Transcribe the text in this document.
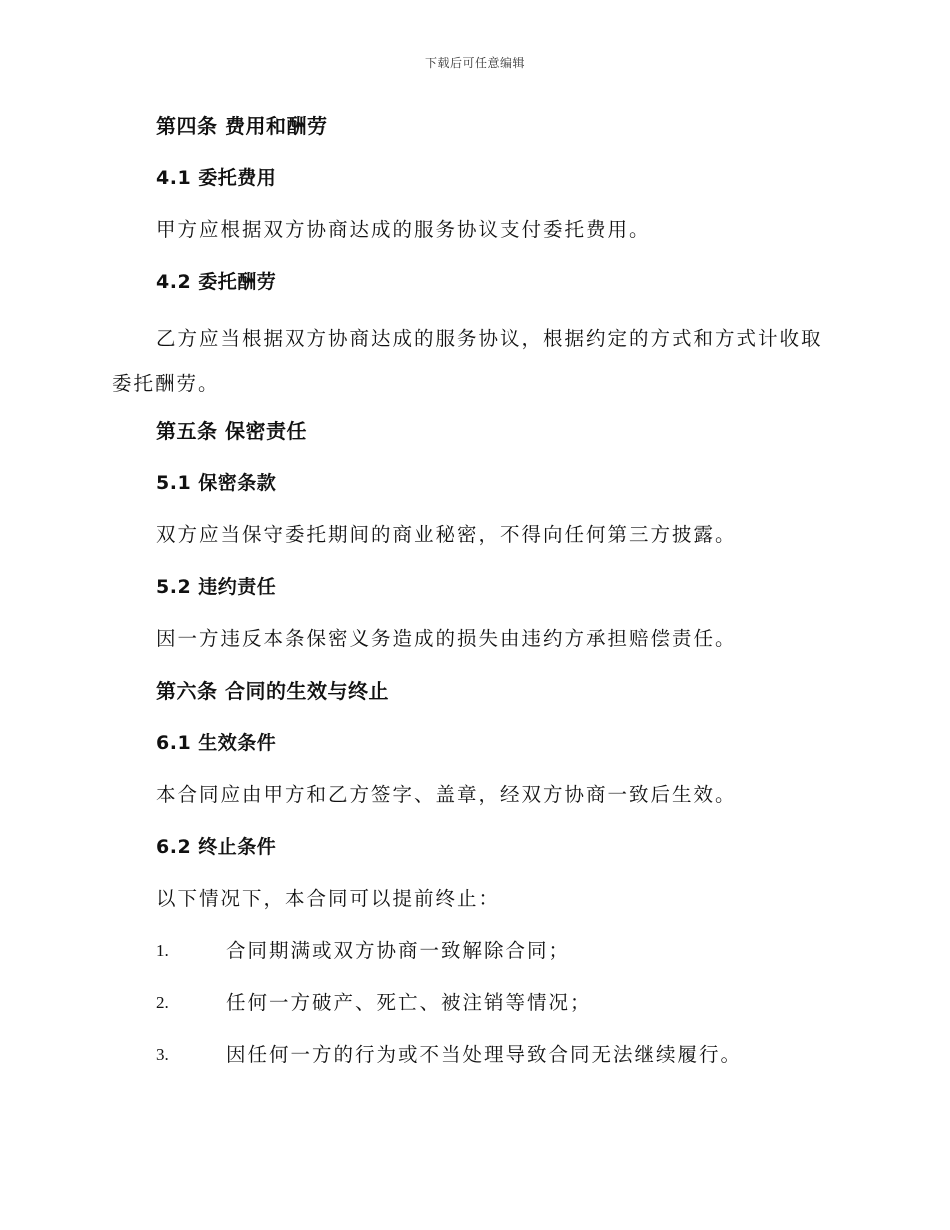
下载后可任意编辑

第四条 费用和酬劳

4.1 委托费用

甲方应根据双方协商达成的服务协议支付委托费用。

4.2 委托酬劳

乙方应当根据双方协商达成的服务协议，根据约定的方式和方式计收取委托酬劳。

第五条 保密责任

5.1 保密条款

双方应当保守委托期间的商业秘密，不得向任何第三方披露。

5.2 违约责任

因一方违反本条保密义务造成的损失由违约方承担赔偿责任。

第六条 合同的生效与终止

6.1 生效条件

本合同应由甲方和乙方签字、盖章，经双方协商一致后生效。

6.2 终止条件

以下情况下，本合同可以提前终止：

1.	合同期满或双方协商一致解除合同；
2.	任何一方破产、死亡、被注销等情况；
3.	因任何一方的行为或不当处理导致合同无法继续履行。
